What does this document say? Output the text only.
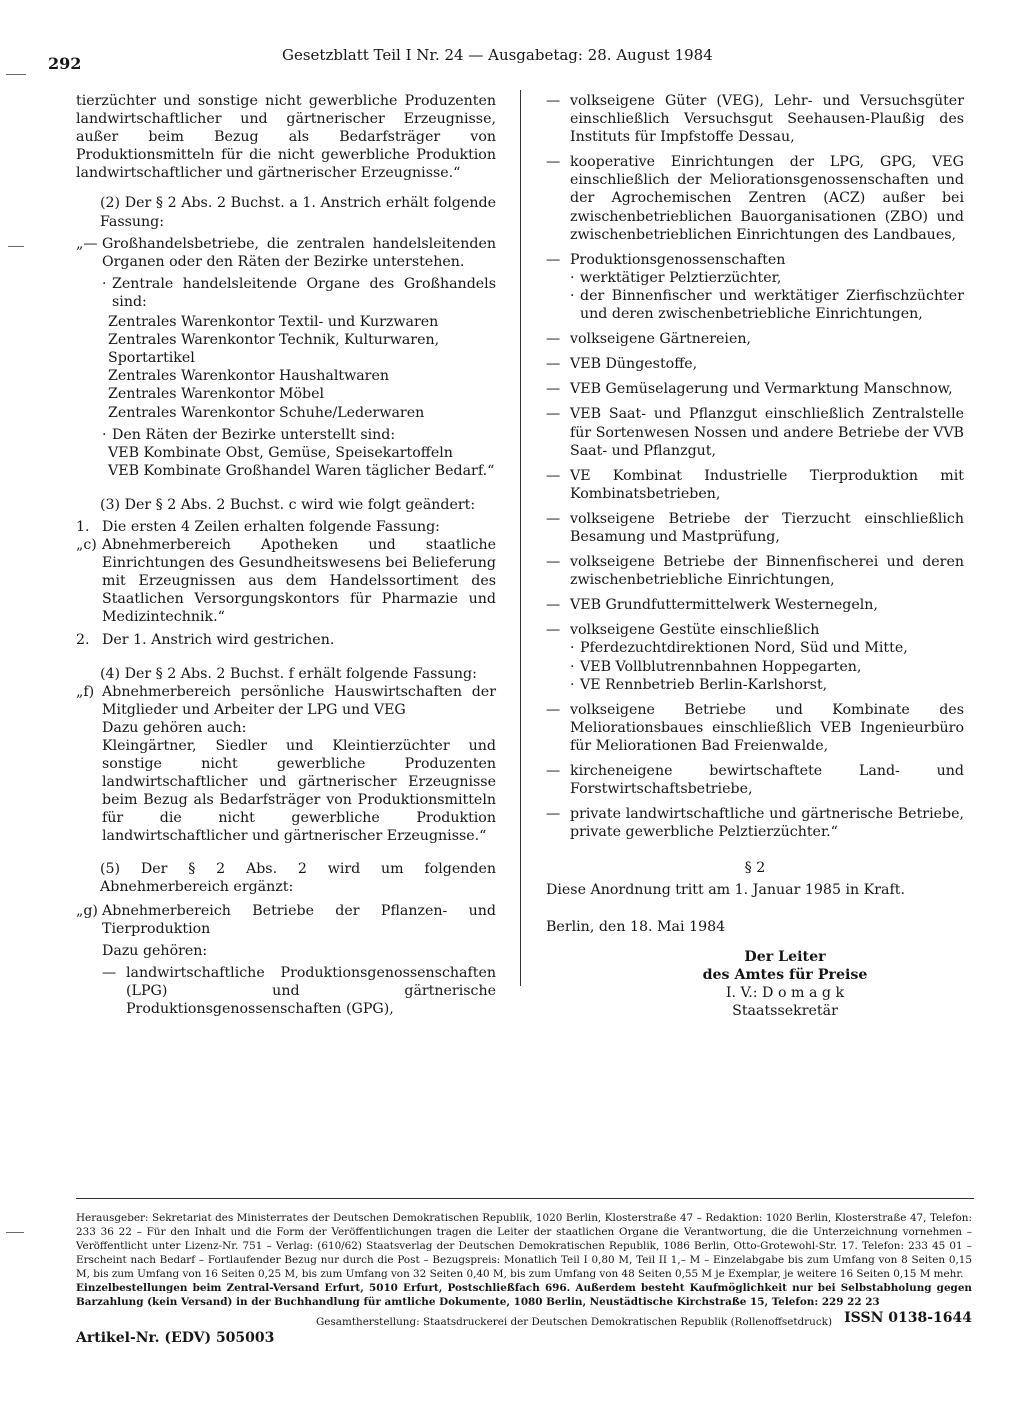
292	Gesetzblatt Teil I Nr. 24 — Ausgabetag: 28. August 1984
tierzüchter und sonstige nicht gewerbliche Produzenten landwirtschaftlicher und gärtnerischer Erzeugnisse, außer beim Bezug als Bedarfsträger von Produktionsmitteln für die nicht gewerbliche Produktion landwirtschaftlicher und gärtnerischer Erzeugnisse.“
(2) Der § 2 Abs. 2 Buchst. a 1. Anstrich erhält folgende Fassung:
„— Großhandelsbetriebe, die zentralen handelsleitenden Organen oder den Räten der Bezirke unterstehen.
· Zentrale handelsleitende Organe des Großhandels sind:
Zentrales Warenkontor Textil- und Kurzwaren
Zentrales Warenkontor Technik, Kulturwaren, Sportartikel
Zentrales Warenkontor Haushaltwaren
Zentrales Warenkontor Möbel
Zentrales Warenkontor Schuhe/Lederwaren
· Den Räten der Bezirke unterstellt sind:
VEB Kombinate Obst, Gemüse, Speisekartoffeln
VEB Kombinate Großhandel Waren täglicher Bedarf.“
(3) Der § 2 Abs. 2 Buchst. c wird wie folgt geändert:
1. Die ersten 4 Zeilen erhalten folgende Fassung:
„c) Abnehmerbereich Apotheken und staatliche Einrichtungen des Gesundheitswesens bei Belieferung mit Erzeugnissen aus dem Handelssortiment des Staatlichen Versorgungskontors für Pharmazie und Medizintechnik.“
2. Der 1. Anstrich wird gestrichen.
(4) Der § 2 Abs. 2 Buchst. f erhält folgende Fassung:
„f) Abnehmerbereich persönliche Hauswirtschaften der Mitglieder und Arbeiter der LPG und VEG
Dazu gehören auch:
Kleingärtner, Siedler und Kleintierzüchter und sonstige nicht gewerbliche Produzenten landwirtschaftlicher und gärtnerischer Erzeugnisse beim Bezug als Bedarfsträger von Produktionsmitteln für die nicht gewerbliche Produktion landwirtschaftlicher und gärtnerischer Erzeugnisse.“
(5) Der § 2 Abs. 2 wird um folgenden Abnehmerbereich ergänzt:
„g) Abnehmerbereich Betriebe der Pflanzen- und Tierproduktion
Dazu gehören:
— landwirtschaftliche Produktionsgenossenschaften (LPG) und gärtnerische Produktionsgenossenschaften (GPG),
— volkseigene Güter (VEG), Lehr- und Versuchsgüter einschließlich Versuchsgut Seehausen-Plaußig des Instituts für Impfstoffe Dessau,
— kooperative Einrichtungen der LPG, GPG, VEG einschließlich der Meliorationsgenossenschaften und der Agrochemischen Zentren (ACZ) außer bei zwischenbetrieblichen Bauorganisationen (ZBO) und zwischenbetrieblichen Einrichtungen des Landbaues,
— Produktionsgenossenschaften
· werktätiger Pelztierzüchter,
· der Binnenfischer und werktätiger Zierfischzüchter und deren zwischenbetriebliche Einrichtungen,
— volkseigene Gärtnereien,
— VEB Düngestoffe,
— VEB Gemüselagerung und Vermarktung Manschnow,
— VEB Saat- und Pflanzgut einschließlich Zentralstelle für Sortenwesen Nossen und andere Betriebe der VVB Saat- und Pflanzgut,
— VE Kombinat Industrielle Tierproduktion mit Kombinatsbetrieben,
— volkseigene Betriebe der Tierzucht einschließlich Besamung und Mastprüfung,
— volkseigene Betriebe der Binnenfischerei und deren zwischenbetriebliche Einrichtungen,
— VEB Grundfuttermittelwerk Westernegeln,
— volkseigene Gestüte einschließlich
· Pferdezuchtdirektionen Nord, Süd und Mitte,
· VEB Vollblutrennbahnen Hoppegarten,
· VE Rennbetrieb Berlin-Karlshorst,
— volkseigene Betriebe und Kombinate des Meliorationsbaues einschließlich VEB Ingenieurbüro für Meliorationen Bad Freienwalde,
— kircheneigene bewirtschaftete Land- und Forstwirtschaftsbetriebe,
— private landwirtschaftliche und gärtnerische Betriebe, private gewerbliche Pelztierzüchter.“
§ 2
Diese Anordnung tritt am 1. Januar 1985 in Kraft.
Berlin, den 18. Mai 1984
Der Leiter
des Amtes für Preise
I. V.: D o m a g k
Staatssekretär
Herausgeber: Sekretariat des Ministerrates der Deutschen Demokratischen Republik, 1020 Berlin, Klosterstraße 47 – Redaktion: 1020 Berlin, Klosterstraße 47, Telefon: 233 36 22 – Für den Inhalt und die Form der Veröffentlichungen tragen die Leiter der staatlichen Organe die Verantwortung, die die Unterzeichnung vornehmen – Veröffentlicht unter Lizenz-Nr. 751 – Verlag: (610/62) Staatsverlag der Deutschen Demokratischen Republik, 1086 Berlin, Otto-Grotewohl-Str. 17. Telefon: 233 45 01 – Erscheint nach Bedarf – Fortlaufender Bezug nur durch die Post – Bezugspreis: Monatlich Teil I 0,80 M, Teil II 1,– M – Einzelabgabe bis zum Umfang von 8 Seiten 0,15 M, bis zum Umfang von 16 Seiten 0,25 M, bis zum Umfang von 32 Seiten 0,40 M, bis zum Umfang von 48 Seiten 0,55 M je Exemplar, je weitere 16 Seiten 0,15 M mehr.
Einzelbestellungen beim Zentral-Versand Erfurt, 5010 Erfurt, Postschließfach 696. Außerdem besteht Kaufmöglichkeit nur bei Selbstabholung gegen Barzahlung (kein Versand) in der Buchhandlung für amtliche Dokumente, 1080 Berlin, Neustädtische Kirchstraße 15, Telefon: 229 22 23
Artikel-Nr. (EDV) 505003
Gesamtherstellung: Staatsdruckerei der Deutschen Demokratischen Republik (Rollenoffsetdruck) ISSN 0138-1644
